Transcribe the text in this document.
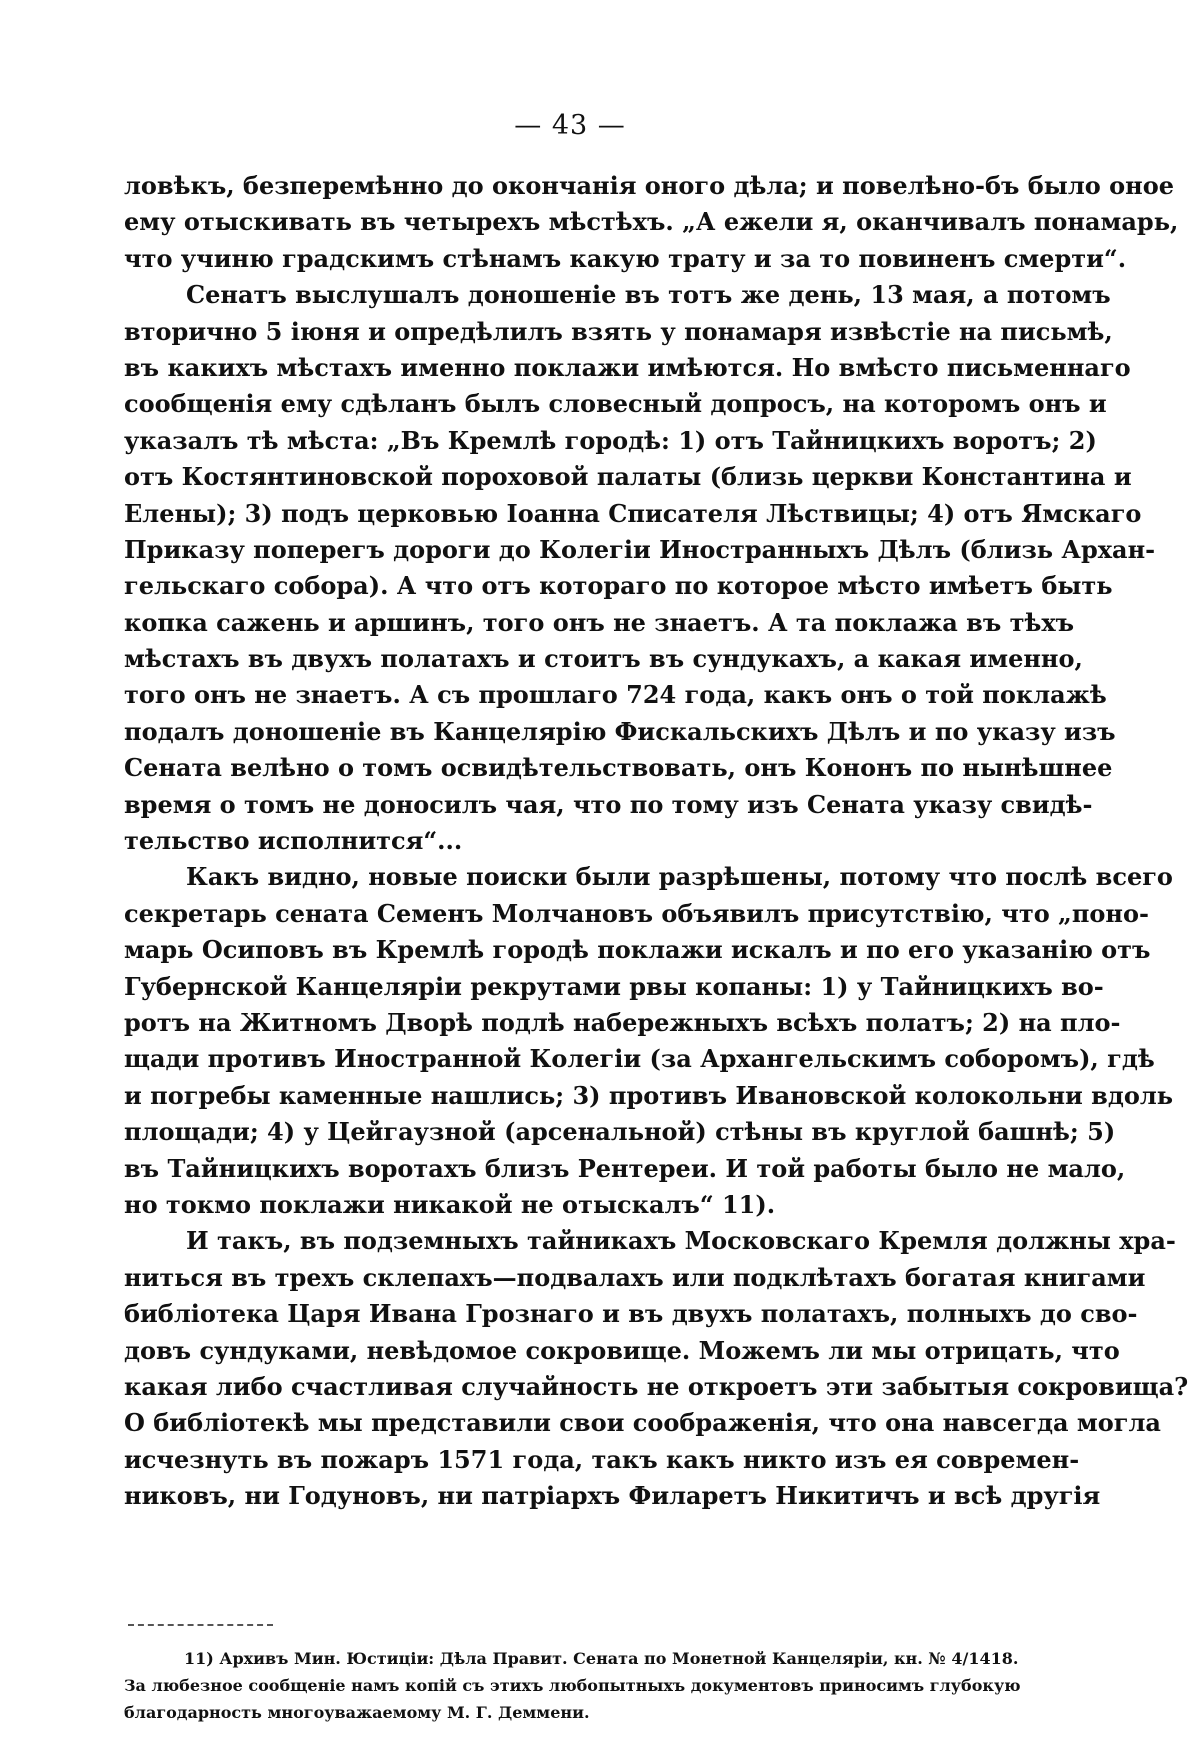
— 43 —
ловѣкъ, безперемѣнно до окончанія оного дѣла; и повелѣно-бъ было оное
ему отыскивать въ четырехъ мѣстѣхъ. „А ежели я, оканчивалъ понамарь,
что учиню градскимъ стѣнамъ какую трату и за то повиненъ смерти“.
Сенатъ выслушалъ доношеніе въ тотъ же день, 13 мая, а потомъ
вторично 5 іюня и опредѣлилъ взять у понамаря извѣстіе на письмѣ,
въ какихъ мѣстахъ именно поклажи имѣются. Но вмѣсто письменнаго
сообщенія ему сдѣланъ былъ словесный допросъ, на которомъ онъ и
указалъ тѣ мѣста: „Въ Кремлѣ городѣ: 1) отъ Тайницкихъ воротъ; 2)
отъ Костянтиновской пороховой палаты (близь церкви Константина и
Елены); 3) подъ церковью Іоанна Списателя Лѣствицы; 4) отъ Ямскаго
Приказу поперегъ дороги до Колегіи Иностранныхъ Дѣлъ (близь Архан-
гельскаго собора). А что отъ котораго по которое мѣсто имѣетъ быть
копка сажень и аршинъ, того онъ не знаетъ. А та поклажа въ тѣхъ
мѣстахъ въ двухъ полатахъ и стоитъ въ сундукахъ, а какая именно,
того онъ не знаетъ. А съ прошлаго 724 года, какъ онъ о той поклажѣ
подалъ доношеніе въ Канцелярію Фискальскихъ Дѣлъ и по указу изъ
Сената велѣно о томъ освидѣтельствовать, онъ Кононъ по нынѣшнее
время о томъ не доносилъ чая, что по тому изъ Сената указу свидѣ-
тельство исполнится“...
Какъ видно, новые поиски были разрѣшены, потому что послѣ всего
секретарь сената Семенъ Молчановъ объявилъ присутствію, что „поно-
марь Осиповъ въ Кремлѣ городѣ поклажи искалъ и по его указанію отъ
Губернской Канцеляріи рекрутами рвы копаны: 1) у Тайницкихъ во-
ротъ на Житномъ Дворѣ подлѣ набережныхъ всѣхъ полатъ; 2) на пло-
щади противъ Иностранной Колегіи (за Архангельскимъ соборомъ), гдѣ
и погребы каменные нашлись; 3) противъ Ивановской колокольни вдоль
площади; 4) у Цейгаузной (арсенальной) стѣны въ круглой башнѣ; 5)
въ Тайницкихъ воротахъ близъ Рентереи. И той работы было не мало,
но токмо поклажи никакой не отыскалъ“ 11).
И такъ, въ подземныхъ тайникахъ Московскаго Кремля должны хра-
ниться въ трехъ склепахъ—подвалахъ или подклѣтахъ богатая книгами
библіотека Царя Ивана Грознаго и въ двухъ полатахъ, полныхъ до сво-
довъ сундуками, невѣдомое сокровище. Можемъ ли мы отрицать, что
какая либо счастливая случайность не откроетъ эти забытыя сокровища?
О библіотекѣ мы представили свои соображенія, что она навсегда могла
исчезнуть въ пожаръ 1571 года, такъ какъ никто изъ ея современ-
никовъ, ни Годуновъ, ни патріархъ Филаретъ Никитичъ и всѣ другія
11) Архивъ Мин. Юстиціи: Дѣла Правит. Сената по Монетной Канцеляріи, кн. № 4/1418.
За любезное сообщеніе намъ копій съ этихъ любопытныхъ документовъ приносимъ глубокую
благодарность многоуважаемому М. Г. Деммени.
